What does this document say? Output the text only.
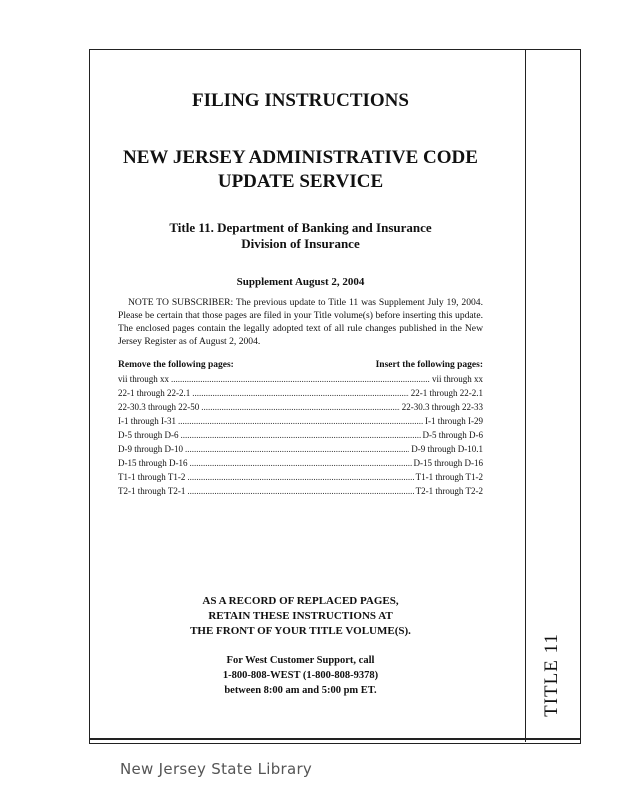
TITLE 11

FILING INSTRUCTIONS

NEW JERSEY ADMINISTRATIVE CODE

UPDATE SERVICE

Title 11. Department of Banking and Insurance

Division of Insurance

Supplement August 2, 2004

NOTE TO SUBSCRIBER: The previous update to Title 11 was Supplement July 19, 2004. Please be certain that those pages are filed in your Title volume(s) before inserting this update. The enclosed pages contain the legally adopted text of all rule changes published in the New Jersey Register as of August 2, 2004.

Remove the following pages:	Insert the following pages:
vii through xx .....	vii through xx
22-1 through 22-2.1 .....	22-1 through 22-2.1
22-30.3 through 22-50 .....	22-30.3 through 22-33
I-1 through I-31 .....	I-1 through I-29
D-5 through D-6 .....	D-5 through D-6
D-9 through D-10 .....	D-9 through D-10.1
D-15 through D-16 .....	D-15 through D-16
T1-1 through T1-2 .....	T1-1 through T1-2
T2-1 through T2-1 .....	T2-1 through T2-2
AS A RECORD OF REPLACED PAGES,
RETAIN THESE INSTRUCTIONS AT
THE FRONT OF YOUR TITLE VOLUME(S).
For West Customer Support, call
1-800-808-WEST (1-800-808-9378)
between 8:00 am and 5:00 pm ET.
New Jersey State Library
